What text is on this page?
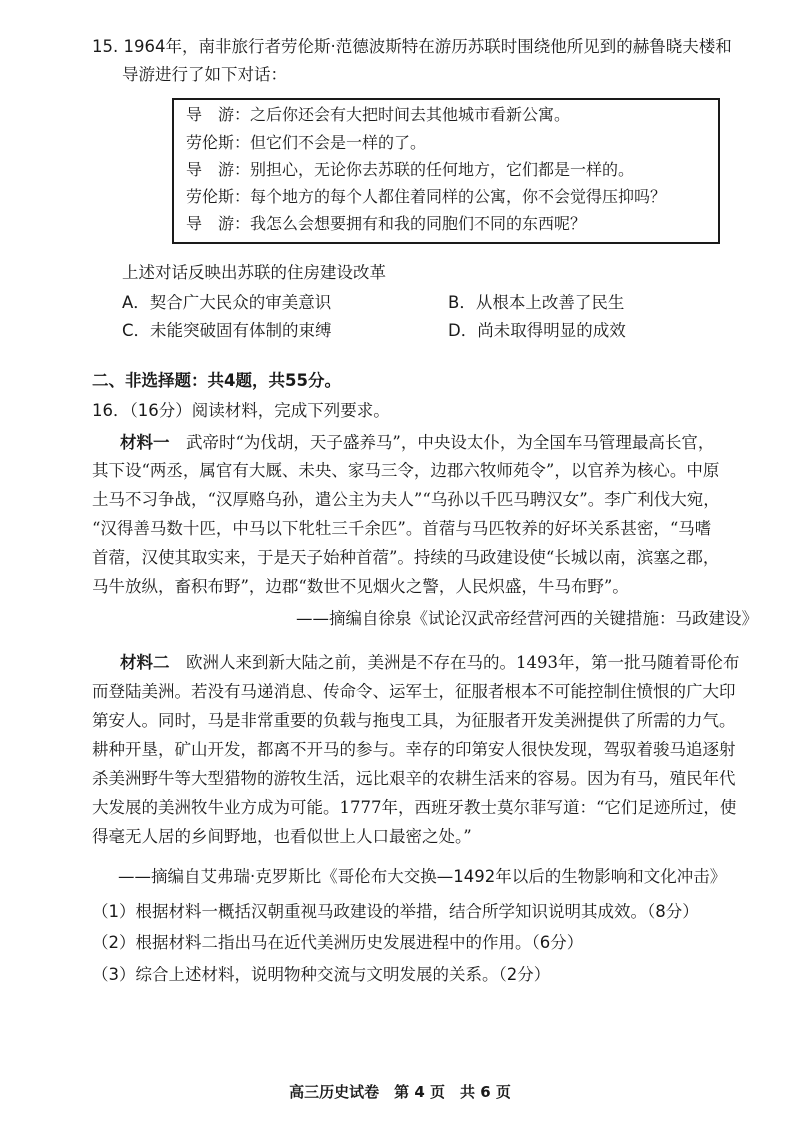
15. 1964年，南非旅行者劳伦斯·范德波斯特在游历苏联时围绕他所见到的赫鲁晓夫楼和
导游进行了如下对话：
导　游：之后你还会有大把时间去其他城市看新公寓。
劳伦斯：但它们不会是一样的了。
导　游：别担心，无论你去苏联的任何地方，它们都是一样的。
劳伦斯：每个地方的每个人都住着同样的公寓，你不会觉得压抑吗？
导　游：我怎么会想要拥有和我的同胞们不同的东西呢？
上述对话反映出苏联的住房建设改革
A．契合广大民众的审美意识	B．从根本上改善了民生
C．未能突破固有体制的束缚	D．尚未取得明显的成效
二、非选择题：共4题，共55分。
16．（16分）阅读材料，完成下列要求。
材料一　武帝时“为伐胡，天子盛养马”，中央设太仆，为全国车马管理最高长官，
其下设“两丞，属官有大厩、未央、家马三令，边郡六牧师苑令”，以官养为核心。中原
土马不习争战，“汉厚赂乌孙，遣公主为夫人”“乌孙以千匹马聘汉女”。李广利伐大宛，
“汉得善马数十匹，中马以下牝牡三千余匹”。首蓿与马匹牧养的好坏关系甚密，“马嗜
首蓿，汉使其取实来，于是天子始种首蓿”。持续的马政建设使“长城以南，滨塞之郡，
马牛放纵，畜积布野”，边郡“数世不见烟火之警，人民炽盛，牛马布野”。
——摘编自徐泉《试论汉武帝经营河西的关键措施：马政建设》
材料二　欧洲人来到新大陆之前，美洲是不存在马的。1493年，第一批马随着哥伦布
而登陆美洲。若没有马递消息、传命令、运军士，征服者根本不可能控制住愤恨的广大印
第安人。同时，马是非常重要的负载与拖曳工具，为征服者开发美洲提供了所需的力气。
耕种开垦，矿山开发，都离不开马的参与。幸存的印第安人很快发现，驾驭着骏马追逐射
杀美洲野牛等大型猎物的游牧生活，远比艰辛的农耕生活来的容易。因为有马，殖民年代
大发展的美洲牧牛业方成为可能。1777年，西班牙教士莫尔菲写道：“它们足迹所过，使
得毫无人居的乡间野地，也看似世上人口最密之处。”
——摘编自艾弗瑞·克罗斯比《哥伦布大交换—1492年以后的生物影响和文化冲击》
（1）根据材料一概括汉朝重视马政建设的举措，结合所学知识说明其成效。（8分）
（2）根据材料二指出马在近代美洲历史发展进程中的作用。（6分）
（3）综合上述材料，说明物种交流与文明发展的关系。（2分）
高三历史试卷　第 4 页　共 6 页
